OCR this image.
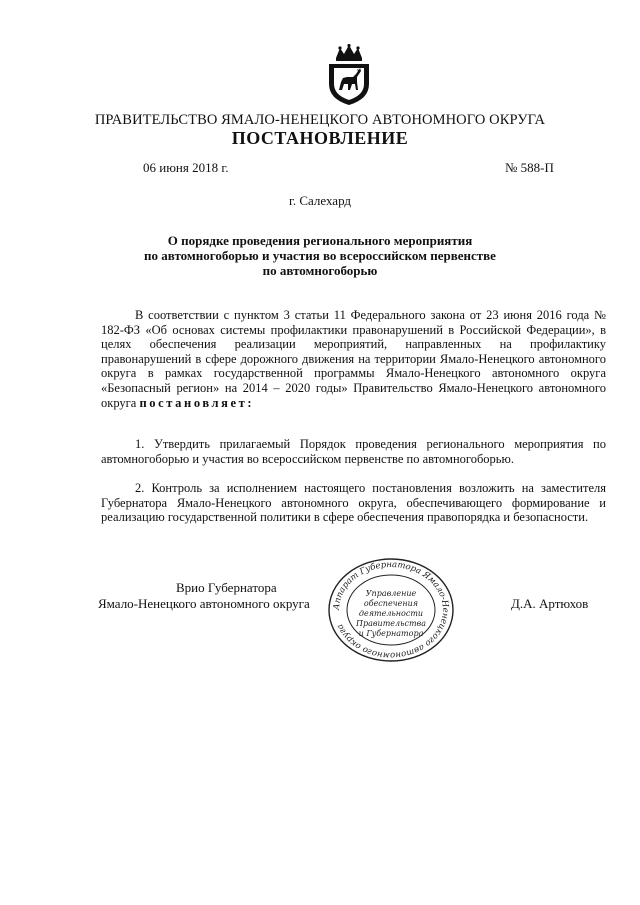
ПРАВИТЕЛЬСТВО ЯМАЛО-НЕНЕЦКОГО АВТОНОМНОГО ОКРУГА
ПОСТАНОВЛЕНИЕ
06 июня 2018 г.	№ 588-П
г. Салехард
О порядке проведения регионального мероприятия
по автомногоборью и участия во всероссийском первенстве
по автомногоборью
В соответствии с пунктом 3 статьи 11 Федерального закона от 23 июня 2016 года № 182-ФЗ «Об основах системы профилактики правонарушений в Российской Федерации», в целях обеспечения реализации мероприятий, направленных на профилактику правонарушений в сфере дорожного движения на территории Ямало-Ненецкого автономного округа в рамках государственной программы Ямало-Ненецкого автономного округа «Безопасный регион» на 2014 – 2020 годы» Правительство Ямало-Ненецкого автономного округа постановляет:
1. Утвердить прилагаемый Порядок проведения регионального мероприятия по автомногоборью и участия во всероссийском первенстве по автомногоборью.
2. Контроль за исполнением настоящего постановления возложить на заместителя Губернатора Ямало-Ненецкого автономного округа, обеспечивающего формирование и реализацию государственной политики в сфере обеспечения правопорядка и безопасности.
Врио Губернатора
Ямало-Ненецкого автономного округа	Д.А. Артюхов
Аппарат Губернатора Ямало-Ненецкого автономного округа
Управление
обеспечения
деятельности
Правительства
и Губернатора
